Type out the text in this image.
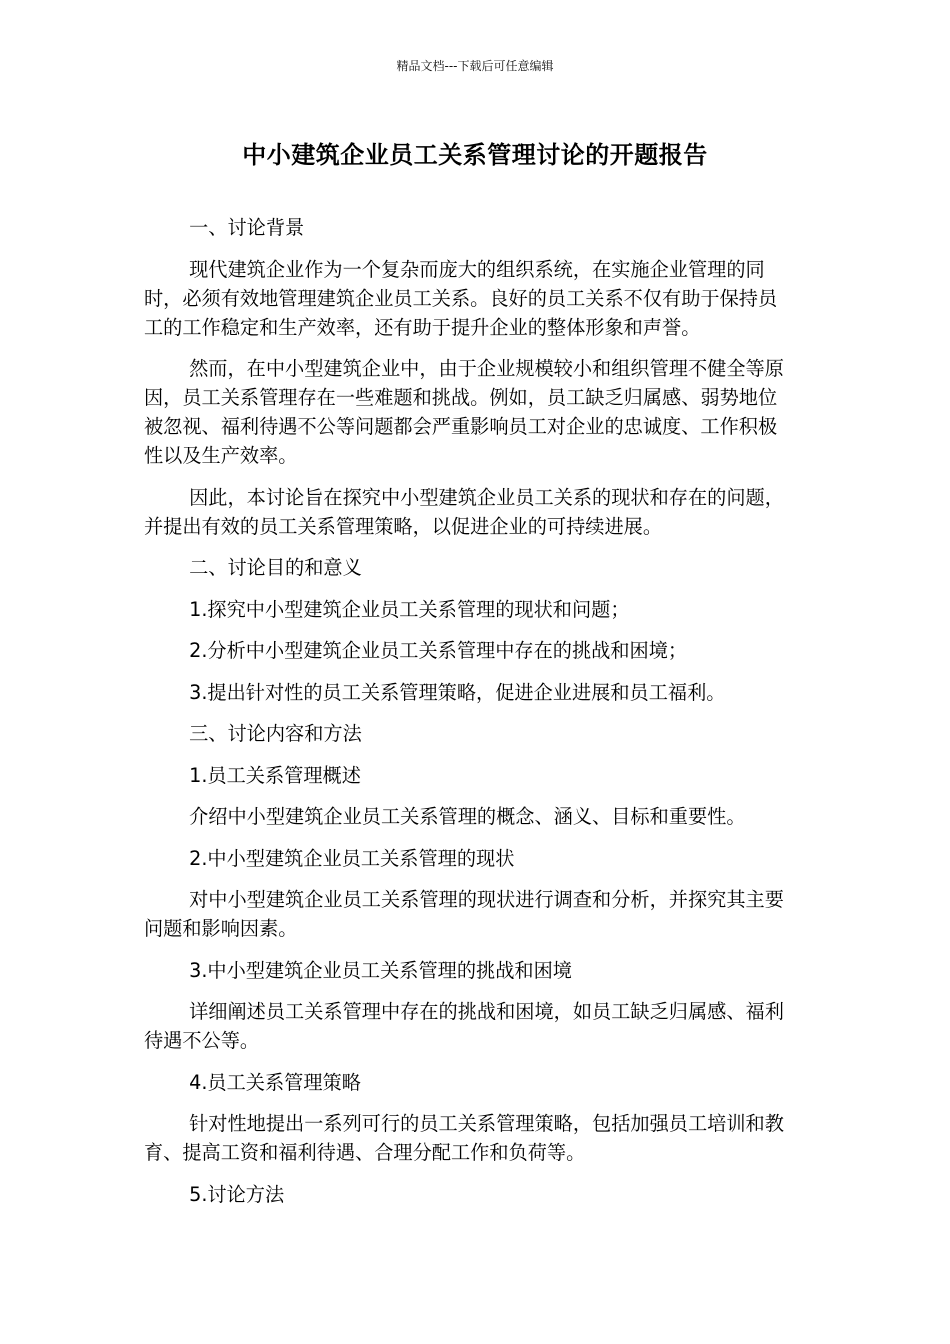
精品文档---下载后可任意编辑
中小建筑企业员工关系管理讨论的开题报告

一、讨论背景

现代建筑企业作为一个复杂而庞大的组织系统，在实施企业管理的同时，必须有效地管理建筑企业员工关系。良好的员工关系不仅有助于保持员工的工作稳定和生产效率，还有助于提升企业的整体形象和声誉。

然而，在中小型建筑企业中，由于企业规模较小和组织管理不健全等原因，员工关系管理存在一些难题和挑战。例如，员工缺乏归属感、弱势地位被忽视、福利待遇不公等问题都会严重影响员工对企业的忠诚度、工作积极性以及生产效率。

因此，本讨论旨在探究中小型建筑企业员工关系的现状和存在的问题，并提出有效的员工关系管理策略，以促进企业的可持续进展。

二、讨论目的和意义

1.探究中小型建筑企业员工关系管理的现状和问题；

2.分析中小型建筑企业员工关系管理中存在的挑战和困境；

3.提出针对性的员工关系管理策略，促进企业进展和员工福利。

三、讨论内容和方法

1.员工关系管理概述

介绍中小型建筑企业员工关系管理的概念、涵义、目标和重要性。

2.中小型建筑企业员工关系管理的现状

对中小型建筑企业员工关系管理的现状进行调查和分析，并探究其主要问题和影响因素。

3.中小型建筑企业员工关系管理的挑战和困境

详细阐述员工关系管理中存在的挑战和困境，如员工缺乏归属感、福利待遇不公等。

4.员工关系管理策略

针对性地提出一系列可行的员工关系管理策略，包括加强员工培训和教育、提高工资和福利待遇、合理分配工作和负荷等。

5.讨论方法
